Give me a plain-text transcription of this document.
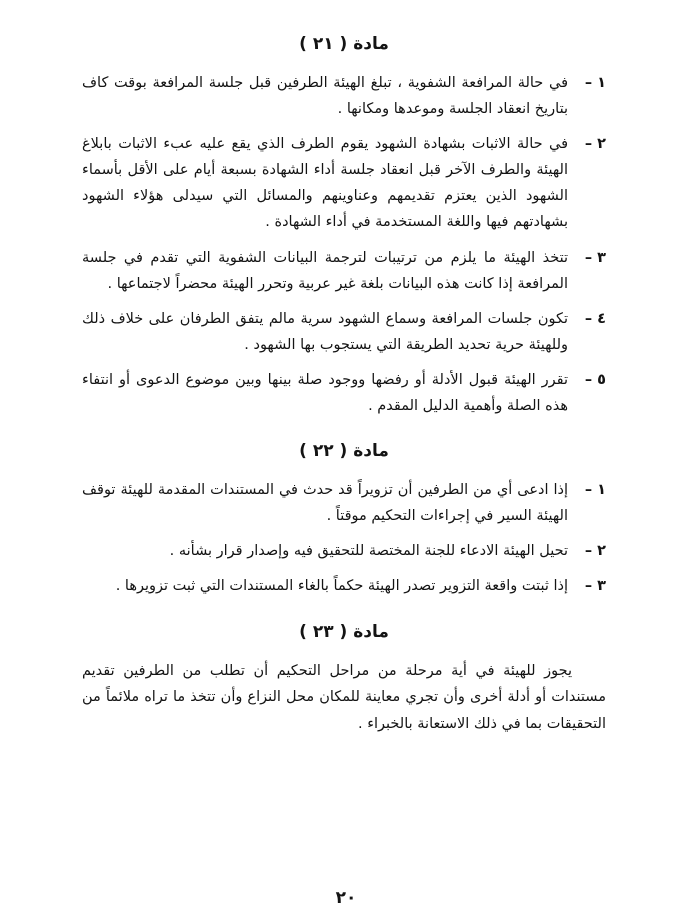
مادة ( ٢١ )
١ –
في حالة المرافعة الشفوية ، تبلغ الهيئة الطرفين قبل جلسة المرافعة بوقت كاف بتاريخ انعقاد الجلسة وموعدها ومكانها .
٢ –
في حالة الاثبات بشهادة الشهود يقوم الطرف الذي يقع عليه عبء الاثبات بابلاغ الهيئة والطرف الآخر قبل انعقاد جلسة أداء الشهادة بسبعة أيام على الأقل بأسماء الشهود الذين يعتزم تقديمهم وعناوينهم والمسائل التي سيدلى هؤلاء الشهود بشهادتهم فيها واللغة المستخدمة في أداء الشهادة .
٣ –
تتخذ الهيئة ما يلزم من ترتيبات لترجمة البيانات الشفوية التي تقدم في جلسة المرافعة إذا كانت هذه البيانات بلغة غير عربية وتحرر الهيئة محضراً لاجتماعها .
٤ –
تكون جلسات المرافعة وسماع الشهود سرية مالم يتفق الطرفان على خلاف ذلك وللهيئة حرية تحديد الطريقة التي يستجوب بها الشهود .
٥ –
تقرر الهيئة قبول الأدلة أو رفضها ووجود صلة بينها وبين موضوع الدعوى أو انتفاء هذه الصلة وأهمية الدليل المقدم .
مادة ( ٢٢ )
١ –
إذا ادعى أي من الطرفين أن تزويراً قد حدث في المستندات المقدمة للهيئة توقف الهيئة السير في إجراءات التحكيم موقتاً .
٢ –
تحيل الهيئة الادعاء للجنة المختصة للتحقيق فيه وإصدار قرار بشأنه .
٣ –
إذا ثبتت واقعة التزوير تصدر الهيئة حكماً بالغاء المستندات التي ثبت تزويرها .
مادة ( ٢٣ )

يجوز للهيئة في أية مرحلة من مراحل التحكيم أن تطلب من الطرفين تقديم مستندات أو أدلة أخرى وأن تجري معاينة للمكان محل النزاع وأن تتخذ ما تراه ملائماً من التحقيقات بما في ذلك الاستعانة بالخبراء .

٢٠
